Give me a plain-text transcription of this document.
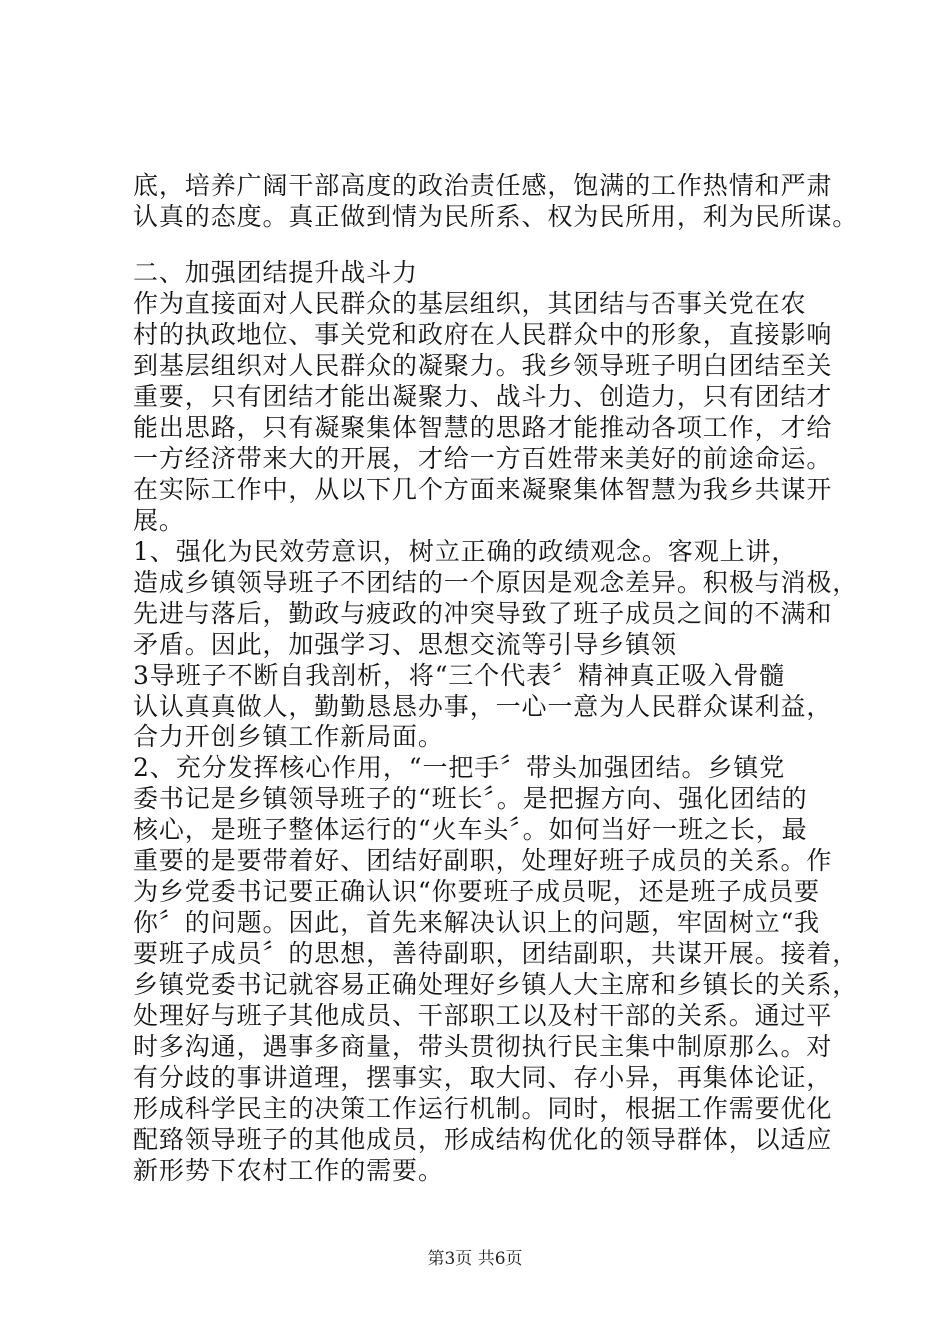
底，培养广阔干部高度的政治责任感，饱满的工作热情和严肃
认真的态度。真正做到情为民所系、权为民所用，利为民所谋。
二、加强团结提升战斗力
作为直接面对人民群众的基层组织，其团结与否事关党在农
村的执政地位、事关党和政府在人民群众中的形象，直接影响
到基层组织对人民群众的凝聚力。我乡领导班子明白团结至关
重要，只有团结才能出凝聚力、战斗力、创造力，只有团结才
能出思路，只有凝聚集体智慧的思路才能推动各项工作，才给
一方经济带来大的开展，才给一方百姓带来美好的前途命运。
在实际工作中，从以下几个方面来凝聚集体智慧为我乡共谋开
展。
1、强化为民效劳意识，树立正确的政绩观念。客观上讲，
造成乡镇领导班子不团结的一个原因是观念差异。积极与消极，
先进与落后，勤政与疲政的冲突导致了班子成员之间的不满和
矛盾。因此，加强学习、思想交流等引导乡镇领
3导班子不断自我剖析，将“三个代表〞精神真正吸入骨髓
认认真真做人，勤勤恳恳办事，一心一意为人民群众谋利益，
合力开创乡镇工作新局面。
2、充分发挥核心作用，“一把手〞带头加强团结。乡镇党
委书记是乡镇领导班子的“班长〞。是把握方向、强化团结的
核心，是班子整体运行的“火车头〞。如何当好一班之长，最
重要的是要带着好、团结好副职，处理好班子成员的关系。作
为乡党委书记要正确认识“你要班子成员呢，还是班子成员要
你〞的问题。因此，首先来解决认识上的问题，牢固树立“我
要班子成员〞的思想，善待副职，团结副职，共谋开展。接着，
乡镇党委书记就容易正确处理好乡镇人大主席和乡镇长的关系，
处理好与班子其他成员、干部职工以及村干部的关系。通过平
时多沟通，遇事多商量，带头贯彻执行民主集中制原那么。对
有分歧的事讲道理，摆事实，取大同、存小异，再集体论证，
形成科学民主的决策工作运行机制。同时，根据工作需要优化
配臵领导班子的其他成员，形成结构优化的领导群体，以适应
新形势下农村工作的需要。
第3页 共6页
